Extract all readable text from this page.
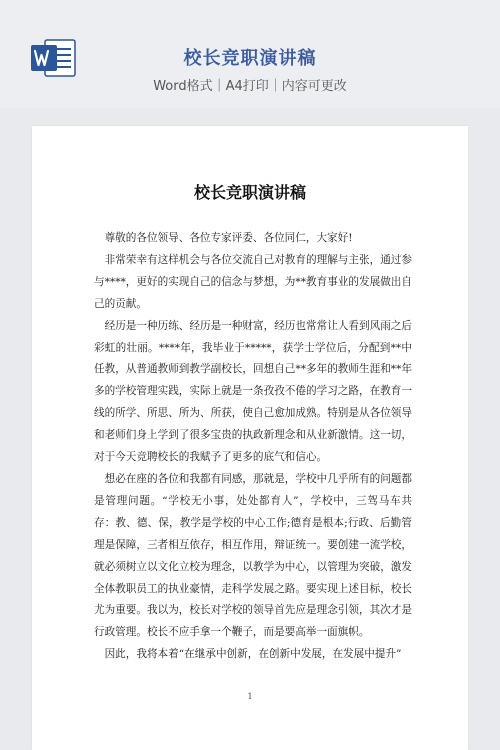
校长竞职演讲稿
Word格式｜A4打印｜内容可更改
校长竞职演讲稿

尊敬的各位领导、各位专家评委、各位同仁，大家好!

非常荣幸有这样机会与各位交流自己对教育的理解与主张，通过参与****，更好的实现自己的信念与梦想，为**教育事业的发展做出自己的贡献。

经历是一种历练、经历是一种财富，经历也常常让人看到风雨之后彩虹的壮丽。****年，我毕业于*****，获学士学位后，分配到**中任教，从普通教师到教学副校长，回想自己**多年的教师生涯和**年多的学校管理实践，实际上就是一条孜孜不倦的学习之路，在教育一线的所学、所思、所为、所获，使自己愈加成熟。特别是从各位领导和老师们身上学到了很多宝贵的执政新理念和从业新激情。这一切，对于今天竞聘校长的我赋予了更多的底气和信心。

想必在座的各位和我都有同感，那就是，学校中几乎所有的问题都是管理问题。“学校无小事，处处都育人”，学校中，三驾马车共存：教、德、保，教学是学校的中心工作;德育是根本;行政、后勤管理是保障，三者相互依存，相互作用，辩证统一。要创建一流学校，就必须树立以文化立校为理念，以教学为中心，以管理为突破，激发全体教职员工的执业豪情，走科学发展之路。要实现上述目标，校长尤为重要。我以为，校长对学校的领导首先应是理念引领，其次才是行政管理。校长不应手拿一个鞭子，而是要高举一面旗帜。

因此，我将本着“在继承中创新，在创新中发展，在发展中提升”

1
